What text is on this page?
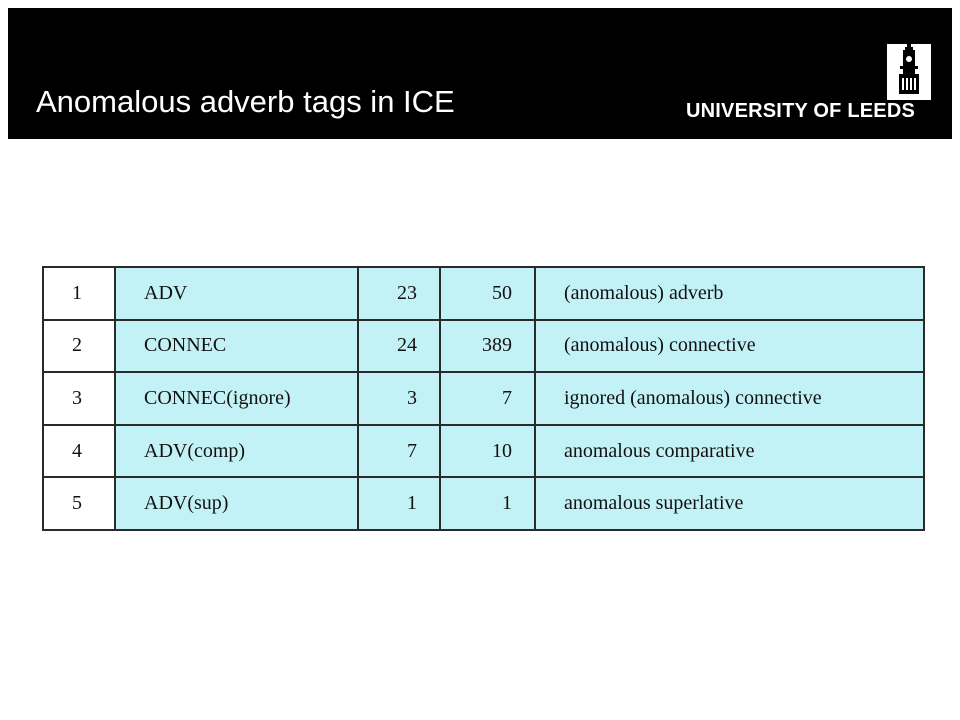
Anomalous adverb tags in ICE	UNIVERSITY OF LEEDS
1	ADV	23	50	(anomalous) adverb
2	CONNEC	24	389	(anomalous) connective
3	CONNEC(ignore)	3	7	ignored (anomalous) connective
4	ADV(comp)	7	10	anomalous comparative
5	ADV(sup)	1	1	anomalous superlative
